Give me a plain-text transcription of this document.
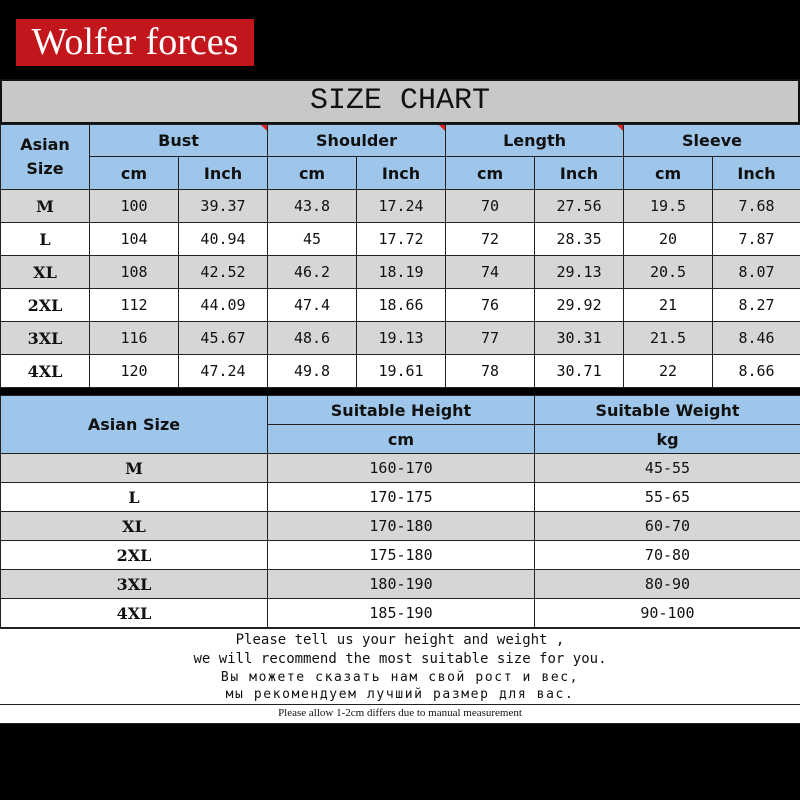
Wolfer forces
SIZE CHART
Asian Size	Bust		Shoulder		Length		Sleeve	
	cm	Inch	cm	Inch	cm	Inch	cm	Inch
M	100	39.37	43.8	17.24	70	27.56	19.5	7.68
L	104	40.94	45	17.72	72	28.35	20	7.87
XL	108	42.52	46.2	18.19	74	29.13	20.5	8.07
2XL	112	44.09	47.4	18.66	76	29.92	21	8.27
3XL	116	45.67	48.6	19.13	77	30.31	21.5	8.46
4XL	120	47.24	49.8	19.61	78	30.71	22	8.66
Asian Size	Suitable Height	Suitable Weight
	cm	kg
M	160-170	45-55
L	170-175	55-65
XL	170-180	60-70
2XL	175-180	70-80
3XL	180-190	80-90
4XL	185-190	90-100
Please tell us your height and weight ,
we will recommend the most suitable size for you.
Вы можете сказать нам свой рост и вес,
мы рекомендуем лучший размер для вас.
Please allow 1-2cm differs due to manual measurement
